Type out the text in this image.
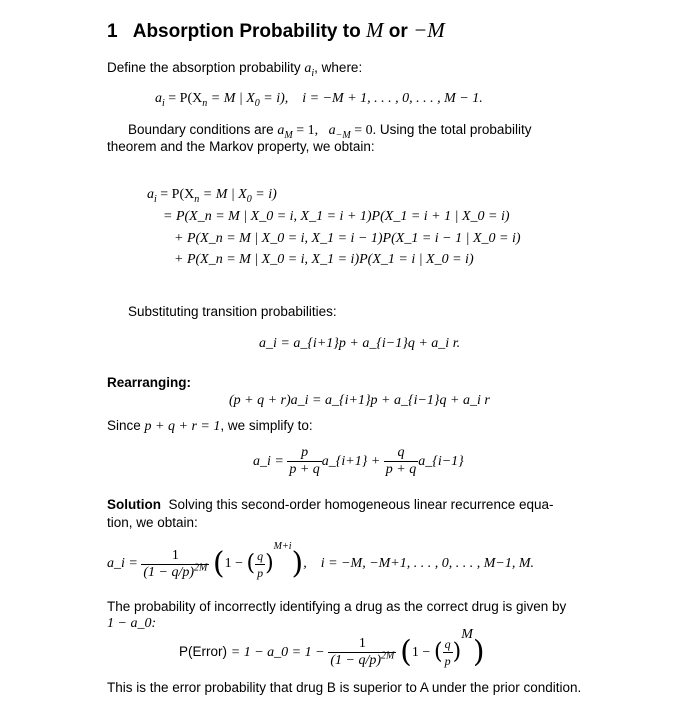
1 Absorption Probability to M or −M
Define the absorption probability $a_i$, where:
$a_i = P(X_n = M$ | $X_0 = i$), i = −M + 1, . . . , 0, . . . , M − 1.
Boundary conditions are $a_M = 1$, $a_{-M} = 0$. Using the total probability
theorem and the Markov property, we obtain:
$a_i = P(X_n = M$ | $X_0 = i$)
= P(X_n = M | X_0 = i, X_1 = i + 1)P(X_1 = i + 1 | X_0 = i)
+ P(X_n = M | X_0 = i, X_1 = i − 1)P(X_1 = i − 1 | X_0 = i)
+ P(X_n = M | X_0 = i, X_1 = i)P(X_1 = i | X_0 = i)
Substituting transition probabilities:
a_i = a_{i+1}p + a_{i−1}q + a_i r.
Rearranging:
(p + q + r)a_i = a_{i+1}p + a_{i−1}q + a_i r
Since p + q + r = 1, we simplify to:
a_i = $\frac{p}{p + q}$ a_{i+1} + $\frac{q}{p + q}$ a_{i−1}
Solution Solving this second-order homogeneous linear recurrence equa-
tion, we obtain:
a_i = $\frac{1}{(1 - q/p)^{2M}} (1$ − ( $\frac{q}{p} )^{M+i}$),    i = −M, −M+1, . . . , 0, . . . , M−1, M.
The probability of incorrectly identifying a drug as the correct drug is given by
1 − a_0:
P(Error) = 1 − a_0 = $1 - \frac{1}{(1 - q/p)^{2M}} (1$ − ( $\frac{q}{p} )^M$)
This is the error probability that drug B is superior to A under the prior condition.
